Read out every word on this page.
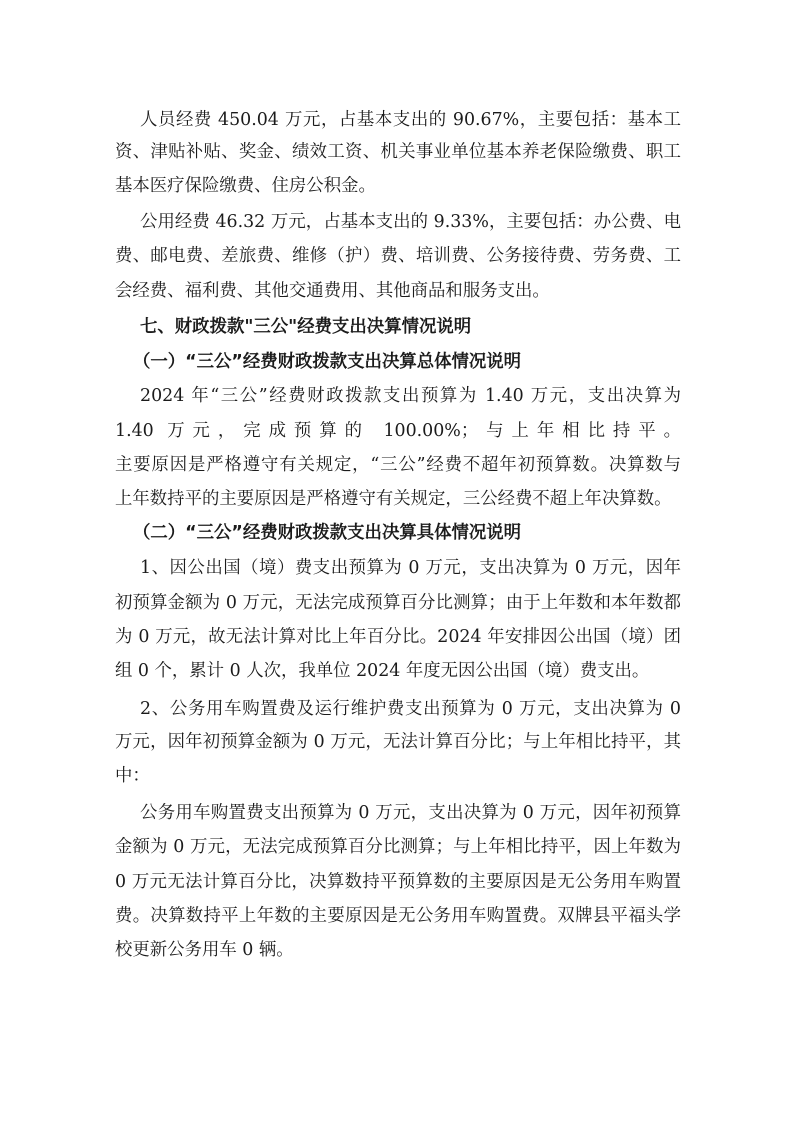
人员经费 450.04 万元，占基本支出的 90.67%，主要包括：基本工
资、津贴补贴、奖金、绩效工资、机关事业单位基本养老保险缴费、职工
基本医疗保险缴费、住房公积金。
公用经费 46.32 万元，占基本支出的 9.33%，主要包括：办公费、电
费、邮电费、差旅费、维修（护）费、培训费、公务接待费、劳务费、工
会经费、福利费、其他交通费用、其他商品和服务支出。
七、财政拨款"三公"经费支出决算情况说明
（一）“三公”经费财政拨款支出决算总体情况说明
2024 年“三公”经费财政拨款支出预算为 1.40 万元，支出决算为
1.40 万元，完成预算的 100.00%；与上年相比持平。
主要原因是严格遵守有关规定，“三公”经费不超年初预算数。决算数与
上年数持平的主要原因是严格遵守有关规定，三公经费不超上年决算数。
（二）“三公”经费财政拨款支出决算具体情况说明
1、因公出国（境）费支出预算为 0 万元，支出决算为 0 万元，因年
初预算金额为 0 万元，无法完成预算百分比测算；由于上年数和本年数都
为 0 万元，故无法计算对比上年百分比。2024 年安排因公出国（境）团
组 0 个，累计 0 人次，我单位 2024 年度无因公出国（境）费支出。
2、公务用车购置费及运行维护费支出预算为 0 万元，支出决算为 0
万元，因年初预算金额为 0 万元，无法计算百分比；与上年相比持平，其
中：
公务用车购置费支出预算为 0 万元，支出决算为 0 万元，因年初预算
金额为 0 万元，无法完成预算百分比测算；与上年相比持平，因上年数为
0 万元无法计算百分比，决算数持平预算数的主要原因是无公务用车购置
费。决算数持平上年数的主要原因是无公务用车购置费。双牌县平福头学
校更新公务用车 0 辆。
